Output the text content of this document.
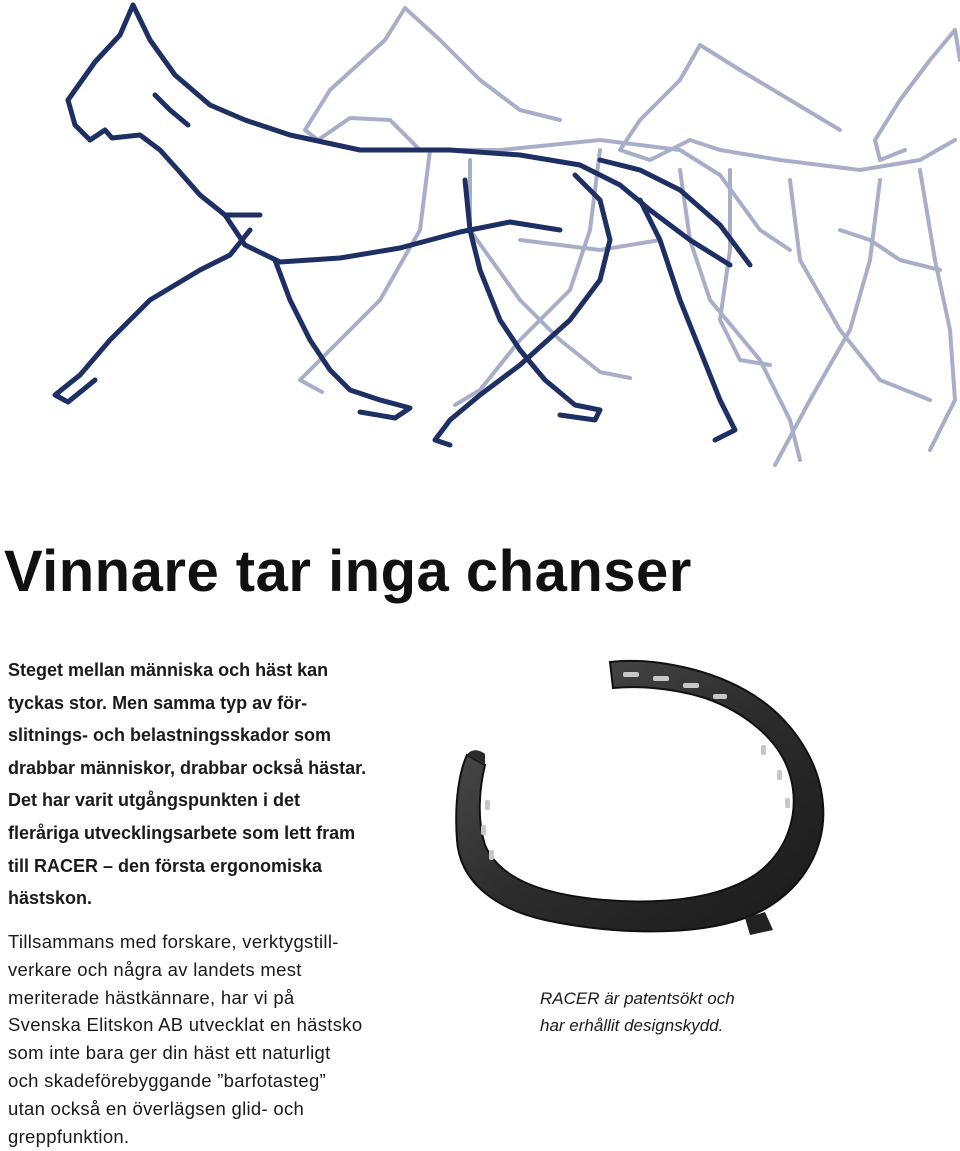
Vinnare tar inga chanser

Steget mellan människa och häst kan
tyckas stor. Men samma typ av för-
slitnings- och belastningsskador som
drabbar människor, drabbar också hästar.
Det har varit utgångspunkten i det
fleråriga utvecklingsarbete som lett fram
till RACER – den första ergonomiska
hästskon.

Tillsammans med forskare, verktygstill-
verkare och några av landets mest
meriterade hästkännare, har vi på
Svenska Elitskon AB utvecklat en hästsko
som inte bara ger din häst ett naturligt
och skadeförebyggande ”barfotasteg”
utan också en överlägsen glid- och
greppfunktion.

RACER är patentsökt och
har erhållit designskydd.
